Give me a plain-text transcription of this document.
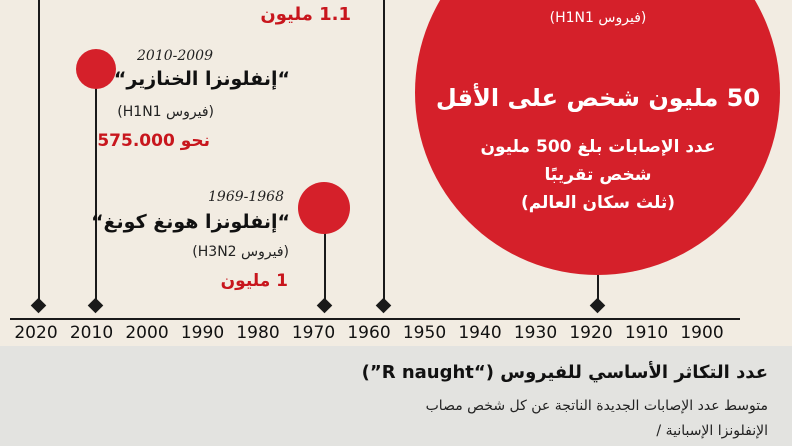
1.1 مليون
2010-2009
“إنفلونزا الخنازير“
(فيروس H1N1)
نحو 575.000
1969-1968
“إنفلونزا هونغ كونغ“
(فيروس H3N2)
1 مليون
(فيروس H1N1)
50 مليون شخص على الأقل
عدد الإصابات بلغ 500 مليون
شخص تقريبًا
(ثلث سكان العالم)
2020 2010 2000 1990 1980 1970 1960 1950 1940 1930 1920 1910 1900
عدد التكاثر الأساسي للفيروس (“R naught”)
متوسط عدد الإصابات الجديدة الناتجة عن كل شخص مصاب
الإنفلونزا الإسبانية /
